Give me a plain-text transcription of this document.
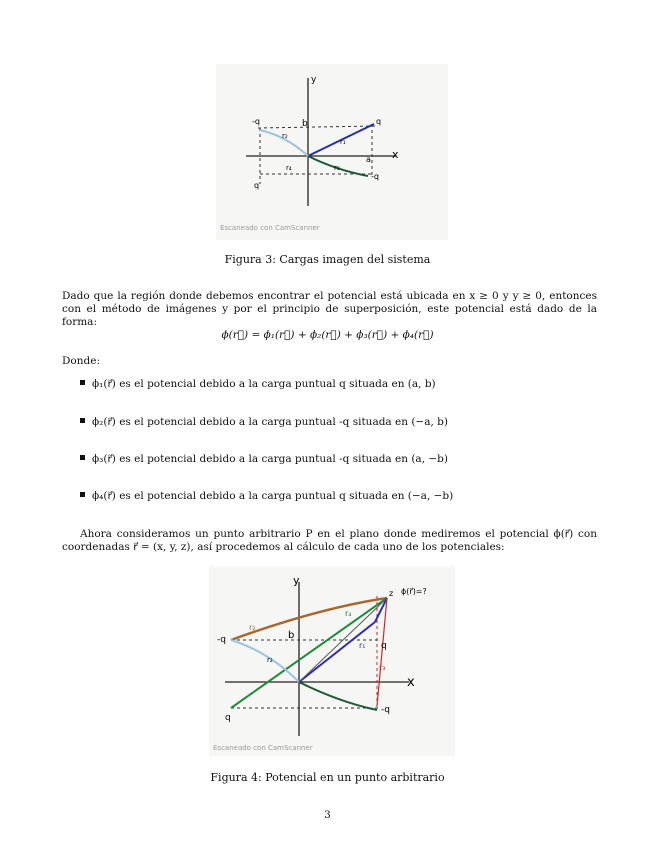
y
x
b	q
-q
q
-q
a
r₁
r₂
r₃
r₄
Escaneado con CamScanner
Figura 3: Cargas imagen del sistema
Dado que la región donde debemos encontrar el potencial está ubicada en x ≥ 0 y y ≥ 0, entonces con el método de imágenes y por el principio de superposición, este potencial está dado de la forma:
ϕ(r⃗) = ϕ₁(r⃗) + ϕ₂(r⃗) + ϕ₃(r⃗) + ϕ₄(r⃗)
Donde:
ϕ₁(r⃗) es el potencial debido a la carga puntual q situada en (a, b)
ϕ₂(r⃗) es el potencial debido a la carga puntual -q situada en (−a, b)
ϕ₃(r⃗) es el potencial debido a la carga puntual -q situada en (a, −b)
ϕ₄(r⃗) es el potencial debido a la carga puntual q situada en (−a, −b)
Ahora consideramos un punto arbitrario P en el plano donde mediremos el potencial ϕ(r⃗) con coordenadas r⃗ = (x, y, z), así procedemos al cálculo de cada uno de los potenciales:
y
x
b
z ϕ(r⃗)=?
-q
q
-q
q
r₂
r₄
r₁
r₃
r₂
Escaneado con CamScanner
Figura 4: Potencial en un punto arbitrario
3
